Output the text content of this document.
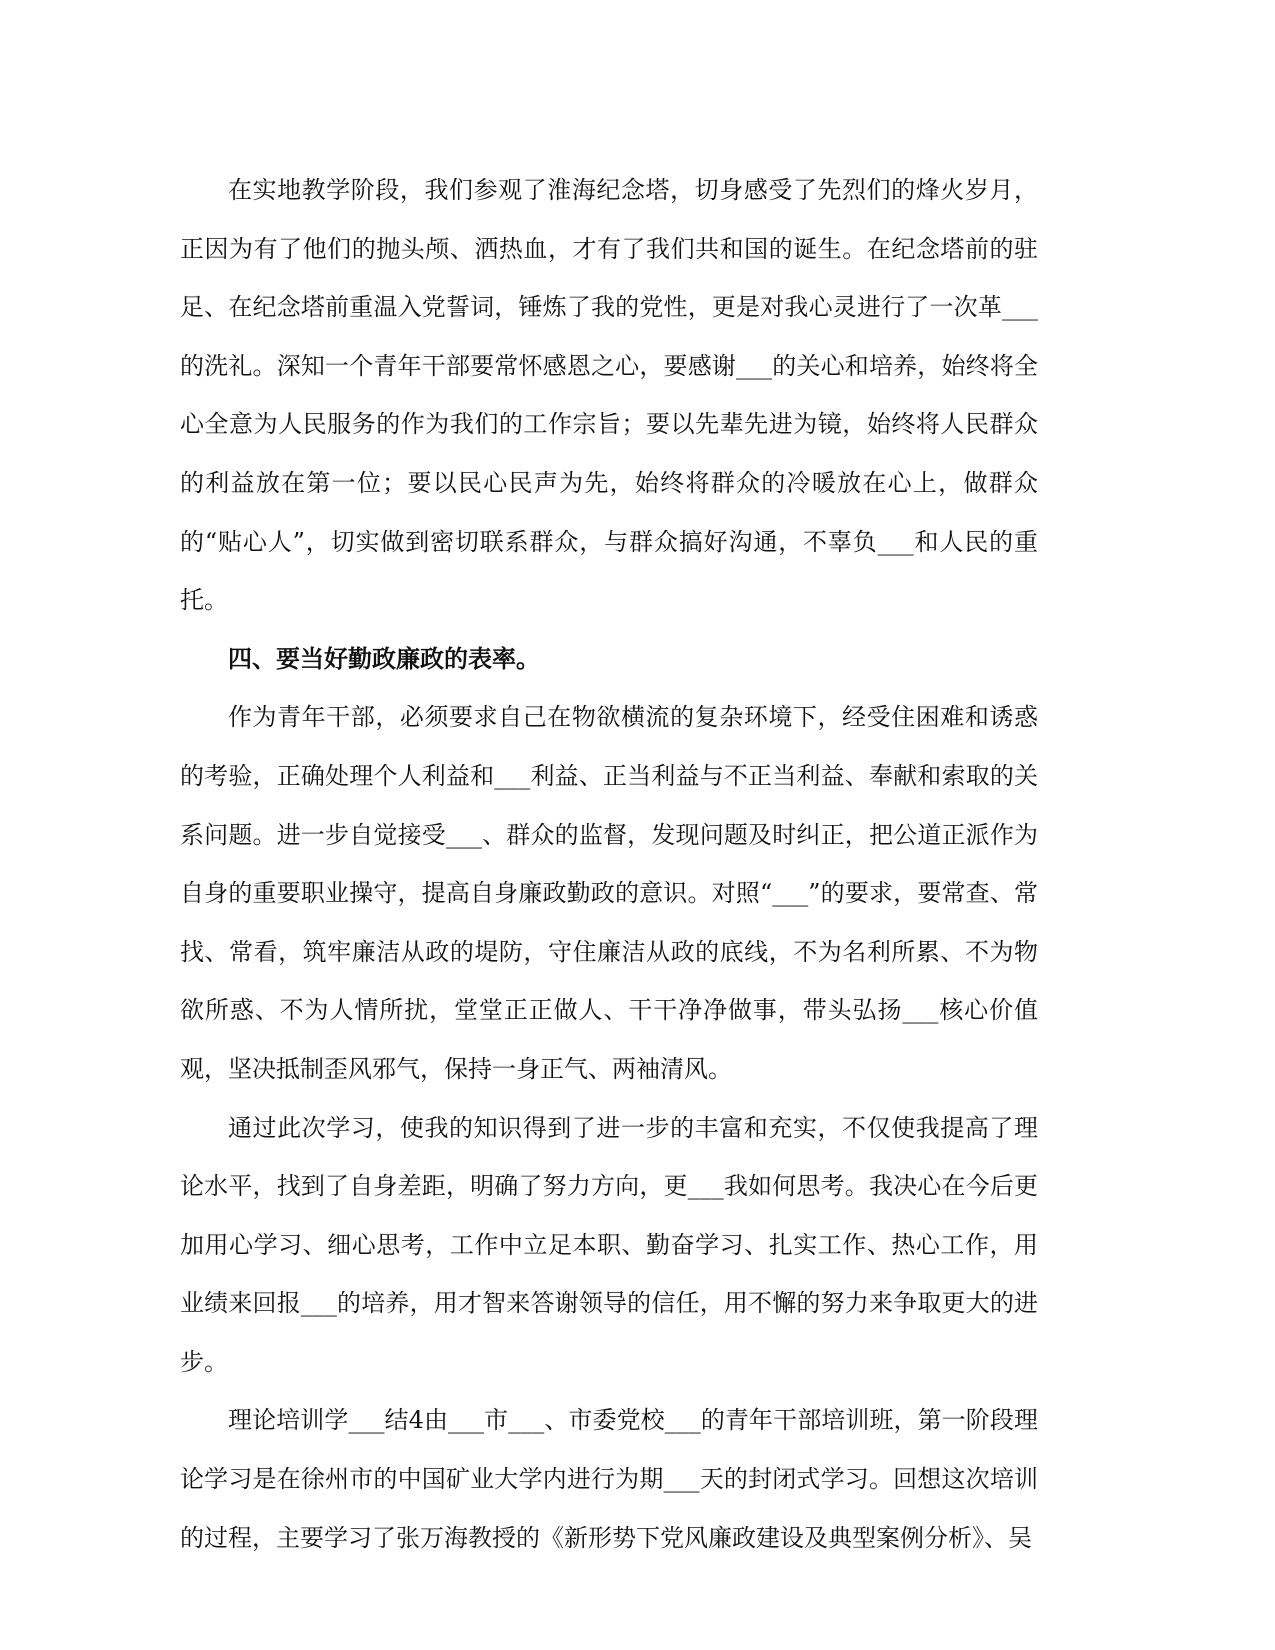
在实地教学阶段，我们参观了淮海纪念塔，切身感受了先烈们的烽火岁月，正因为有了他们的抛头颅、洒热血，才有了我们共和国的诞生。在纪念塔前的驻足、在纪念塔前重温入党誓词，锤炼了我的党性，更是对我心灵进行了一次革___的洗礼。深知一个青年干部要常怀感恩之心，要感谢___的关心和培养，始终将全心全意为人民服务的作为我们的工作宗旨；要以先辈先进为镜，始终将人民群众的利益放在第一位；要以民心民声为先，始终将群众的冷暖放在心上，做群众的“贴心人”，切实做到密切联系群众，与群众搞好沟通，不辜负___和人民的重托。

四、要当好勤政廉政的表率。

作为青年干部，必须要求自己在物欲横流的复杂环境下，经受住困难和诱惑的考验，正确处理个人利益和___利益、正当利益与不正当利益、奉献和索取的关系问题。进一步自觉接受___、群众的监督，发现问题及时纠正，把公道正派作为自身的重要职业操守，提高自身廉政勤政的意识。对照“___”的要求，要常查、常找、常看，筑牢廉洁从政的堤防，守住廉洁从政的底线，不为名利所累、不为物欲所惑、不为人情所扰，堂堂正正做人、干干净净做事，带头弘扬___核心价值观，坚决抵制歪风邪气，保持一身正气、两袖清风。

通过此次学习，使我的知识得到了进一步的丰富和充实，不仅使我提高了理论水平，找到了自身差距，明确了努力方向，更___我如何思考。我决心在今后更加用心学习、细心思考，工作中立足本职、勤奋学习、扎实工作、热心工作，用业绩来回报___的培养，用才智来答谢领导的信任，用不懈的努力来争取更大的进步。

理论培训学___结4由___市___、市委党校___的青年干部培训班，第一阶段理论学习是在徐州市的中国矿业大学内进行为期___天的封闭式学习。回想这次培训的过程，主要学习了张万海教授的《新形势下党风廉政建设及典型案例分析》、吴
